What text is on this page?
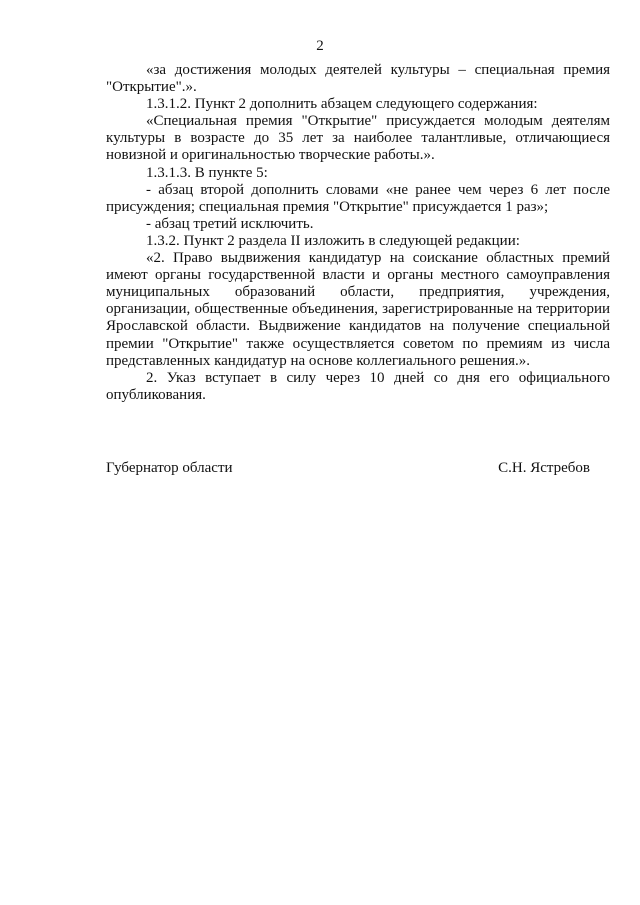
2

«за достижения молодых деятелей культуры – специальная премия "Открытие".».

1.3.1.2. Пункт 2 дополнить абзацем следующего содержания:

«Специальная премия "Открытие" присуждается молодым деятелям культуры в возрасте до 35 лет за наиболее талантливые, отличающиеся новизной и оригинальностью творческие работы.».

1.3.1.3. В пункте 5:

- абзац второй дополнить словами «не ранее чем через 6 лет после присуждения; специальная премия "Открытие" присуждается 1 раз»;

- абзац третий исключить.

1.3.2. Пункт 2 раздела II изложить в следующей редакции:

«2. Право выдвижения кандидатур на соискание областных премий имеют органы государственной власти и органы местного самоуправления муниципальных образований области, предприятия, учреждения, организации, общественные объединения, зарегистрированные на территории Ярославской области. Выдвижение кандидатов на получение специальной премии "Открытие" также осуществляется советом по премиям из числа представленных кандидатур на основе коллегиального решения.».

2. Указ вступает в силу через 10 дней со дня его официального опубликования.

Губернатор области	С.Н. Ястребов
